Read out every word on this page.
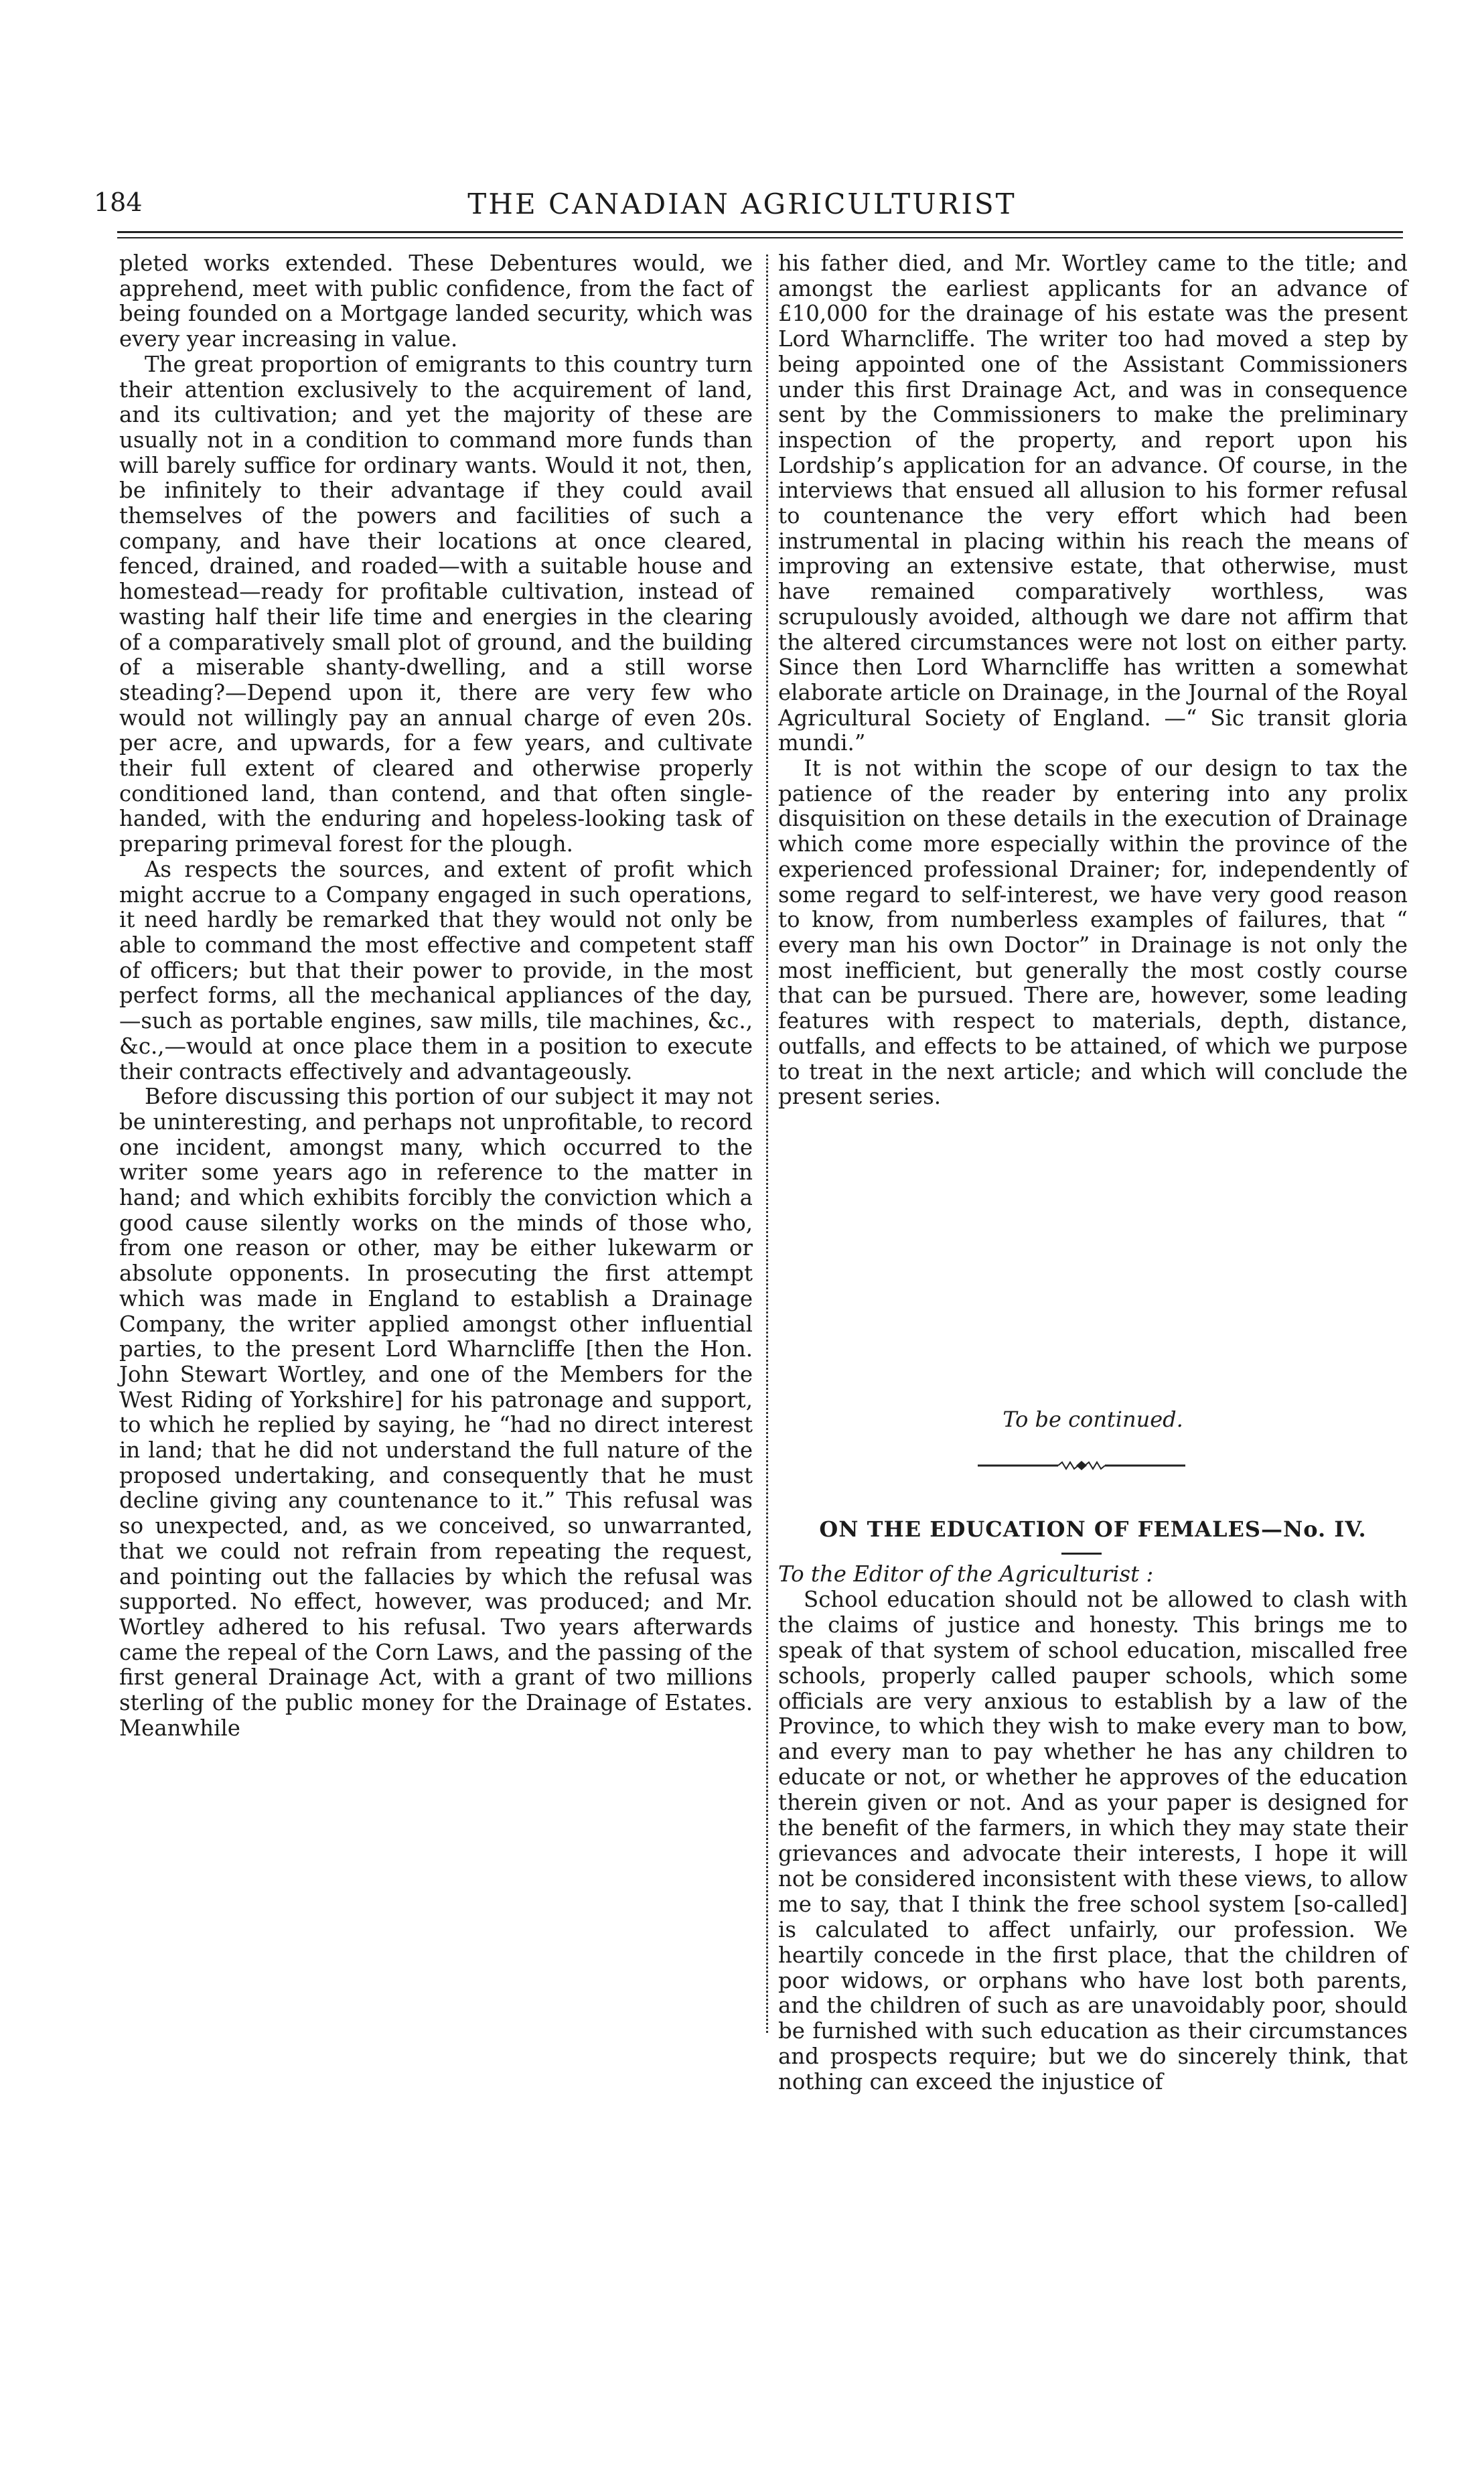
184	THE CANADIAN AGRICULTURIST

pleted works extended. These Debentures would, we apprehend, meet with public confidence, from the fact of being founded on a Mortgage landed security, which was every year increasing in value.

The great proportion of emigrants to this country turn their attention exclusively to the acquirement of land, and its cultivation; and yet the majority of these are usually not in a condition to command more funds than will barely suffice for ordinary wants. Would it not, then, be infinitely to their advantage if they could avail themselves of the powers and facilities of such a company, and have their locations at once cleared, fenced, drained, and roaded—with a suitable house and homestead—ready for profitable cultivation, instead of wasting half their life time and energies in the clearing of a comparatively small plot of ground, and the building of a miserable shanty-dwelling, and a still worse steading?—Depend upon it, there are very few who would not willingly pay an annual charge of even 20s. per acre, and upwards, for a few years, and cultivate their full extent of cleared and otherwise properly conditioned land, than contend, and that often single-handed, with the enduring and hopeless-looking task of preparing primeval forest for the plough.

As respects the sources, and extent of profit which might accrue to a Company engaged in such operations, it need hardly be remarked that they would not only be able to command the most effective and competent staff of officers; but that their power to provide, in the most perfect forms, all the mechanical appliances of the day, —such as portable engines, saw mills, tile machines, &c., &c.,—would at once place them in a position to execute their contracts effectively and advantageously.

Before discussing this portion of our subject it may not be uninteresting, and perhaps not unprofitable, to record one incident, amongst many, which occurred to the writer some years ago in reference to the matter in hand; and which exhibits forcibly the conviction which a good cause silently works on the minds of those who, from one reason or other, may be either lukewarm or absolute opponents. In prosecuting the first attempt which was made in England to establish a Drainage Company, the writer applied amongst other influential parties, to the present Lord Wharncliffe [then the Hon. John Stewart Wortley, and one of the Members for the West Riding of Yorkshire] for his patronage and support, to which he replied by saying, he “had no direct interest in land; that he did not understand the full nature of the proposed undertaking, and consequently that he must decline giving any countenance to it.” This refusal was so unexpected, and, as we conceived, so unwarranted, that we could not refrain from repeating the request, and pointing out the fallacies by which the refusal was supported. No effect, however, was produced; and Mr. Wortley adhered to his refusal. Two years afterwards came the repeal of the Corn Laws, and the passing of the first general Drainage Act, with a grant of two millions sterling of the public money for the Drainage of Estates. Meanwhile

his father died, and Mr. Wortley came to the title; and amongst the earliest applicants for an advance of £10,000 for the drainage of his estate was the present Lord Wharncliffe. The writer too had moved a step by being appointed one of the Assistant Commissioners under this first Drainage Act, and was in consequence sent by the Commissioners to make the preliminary inspection of the property, and report upon his Lordship’s application for an advance. Of course, in the interviews that ensued all allusion to his former refusal to countenance the very effort which had been instrumental in placing within his reach the means of improving an extensive estate, that otherwise, must have remained comparatively worthless, was scrupulously avoided, although we dare not affirm that the altered circumstances were not lost on either party. Since then Lord Wharncliffe has written a somewhat elaborate article on Drainage, in the Journal of the Royal Agricultural Society of England. —“ Sic transit gloria mundi.”

It is not within the scope of our design to tax the patience of the reader by entering into any prolix disquisition on these details in the execution of Drainage which come more especially within the province of the experienced professional Drainer; for, independently of some regard to self-interest, we have very good reason to know, from numberless examples of failures, that “ every man his own Doctor” in Drainage is not only the most inefficient, but generally the most costly course that can be pursued. There are, however, some leading features with respect to materials, depth, distance, outfalls, and effects to be attained, of which we purpose to treat in the next article; and which will conclude the present series.

To be continued.
ON THE EDUCATION OF FEMALES—No. IV.

To the Editor of the Agriculturist :

School education should not be allowed to clash with the claims of justice and honesty. This brings me to speak of that system of school education, miscalled free schools, properly called pauper schools, which some officials are very anxious to establish by a law of the Province, to which they wish to make every man to bow, and every man to pay whether he has any children to educate or not, or whether he approves of the education therein given or not. And as your paper is designed for the benefit of the farmers, in which they may state their grievances and advocate their interests, I hope it will not be considered inconsistent with these views, to allow me to say, that I think the free school system [so-called] is calculated to affect unfairly, our profession. We heartily concede in the first place, that the children of poor widows, or orphans who have lost both parents, and the children of such as are unavoidably poor, should be furnished with such education as their circumstances and prospects require; but we do sincerely think, that nothing can exceed the injustice of
